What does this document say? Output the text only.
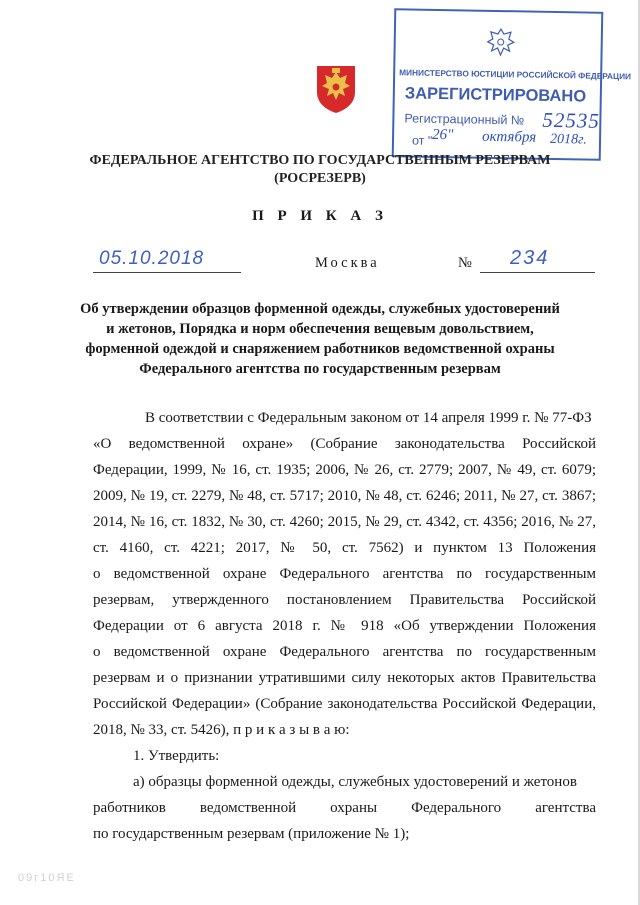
МИНИСТЕРСТВО ЮСТИЦИИ РОССИЙСКОЙ ФЕДЕРАЦИИ
ЗАРЕГИСТРИРОВАНО
Регистрационный № 52535
от " 26" октября 2018г.
ФЕДЕРАЛЬНОЕ АГЕНТСТВО ПО ГОСУДАРСТВЕННЫМ РЕЗЕРВАМ
(РОСРЕЗЕРВ)
П Р И К А З
05.10.2018	Москва	№ 234
Об утверждении образцов форменной одежды, служебных удостоверений
и жетонов, Порядка и норм обеспечения вещевым довольствием,
форменной одеждой и снаряжением работников ведомственной охраны
Федерального агентства по государственным резервам
В соответствии с Федеральным законом от 14 апреля 1999 г. № 77-ФЗ
«О ведомственной охране» (Собрание законодательства Российской
Федерации, 1999, № 16, ст. 1935; 2006, № 26, ст. 2779; 2007, № 49, ст. 6079;
2009, № 19, ст. 2279, № 48, ст. 5717; 2010, № 48, ст. 6246; 2011, № 27, ст. 3867;
2014, № 16, ст. 1832, № 30, ст. 4260; 2015, № 29, ст. 4342, ст. 4356; 2016, № 27,
ст. 4160, ст. 4221; 2017, № 50, ст. 7562) и пунктом 13 Положения
о ведомственной охране Федерального агентства по государственным
резервам, утвержденного постановлением Правительства Российской
Федерации от 6 августа 2018 г. № 918 «Об утверждении Положения
о ведомственной охране Федерального агентства по государственным
резервам и о признании утратившими силу некоторых актов Правительства
Российской Федерации» (Собрание законодательства Российской Федерации,
2018, № 33, ст. 5426), п р и к а з ы в а ю:
1. Утвердить:
а) образцы форменной одежды, служебных удостоверений и жетонов
работников ведомственной охраны Федерального агентства
по государственным резервам (приложение № 1);
09г10ЯЕ
